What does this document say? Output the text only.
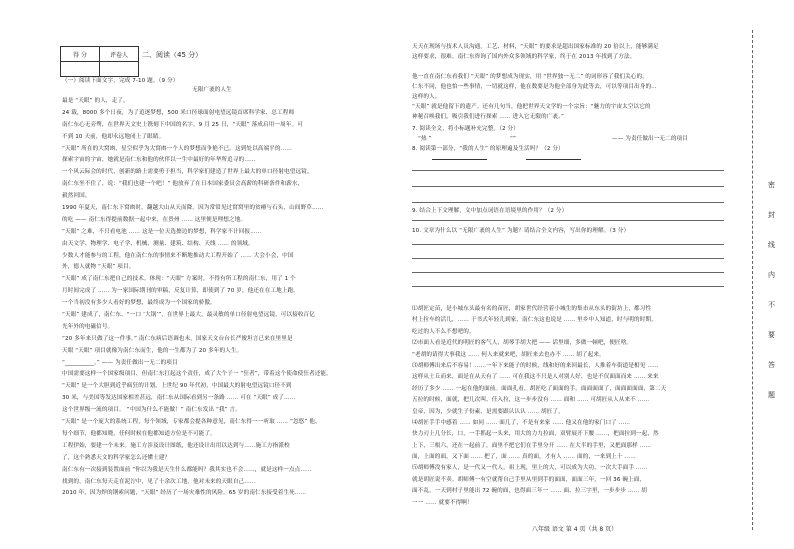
得 分	评卷人
	二、阅读（45 分）
（一）阅读下面文字，完成 7-10 题。（9 分）
无限广袤的人生
最是 “天眼” 的人，走了。
24 载，8000 多个日夜，为了追逐梦想，500 米口径球面射电望远镜首席科学家、总工程师
南仁东心无旁骛，在世界天文史上镌刻下中国的名字。9 月 25 日，“天眼” 落成启用一周年。可
不到 10 天前，他却永远地闭上了眼睛。
“天眼” 所在的大窝凼，星空似乎为大窝凼一个人的梦想而争艳不已。这到处以高端平的……
探索宇宙的宇宙，她就是南仁东和他的伙伴以一生中最好的年华所追寻的……
一个风云际会的时代，创新的路上需要勇于担当，科学家们建造了世界上最大的单口径射电望远镜。
南仁东坐不住了，说：“我们也建一个吧！” 他放弃了在日本国家委员会高薪的科研条件和薪水，
毅然回国。
1990 年夏天，南仁东下窝凼时，翻越大山从天而降。因为常常见过窝窝里的贫瘠与石头，山间野草……
的吃 —— 南仁东得提前数据一起中来，在贵州 …… 这里便是理想之地。
“天眼” 之难，不只看电池 …… 这是一位天选擦边的梦想，科学家不计回报……
由天文学、物理学、电子学、机械、测量、建筑、结构、天线 …… 的领域。
少数人才能参与的工程，他在南仁东的事情来不断地推动大工程开始了 …… 大会小会，中国
外，德人就物 “天眼” 项目。
“天眼” 成了南仁东把自己的技术。体现：“天眼” 方案时，不得有所工程的南仁东，用了 1 个
月时间完成了 …… 为一家国际期刊的审稿，反复计算，即使到了 70 岁，他还在在工地上跑。
一个当初没有多少人看好的梦想，最终成为一个国家的骄傲。
“天眼” 建成了，南仁东，“一口 ‘大锅’”，在世界上最大，最灵敏的单口径射电望远镜，可以接收百亿
光年外的电磁信号。
“20 多年来只做了这一件事。” 南仁东病后语调也未，国家天文台台长严俊坦言已来在里里是
天眼 “天眼” 项目就像为南仁东而生，他的一生都为了 20 多年的人生。
“__________。” —— 为责任做出一无二的项目
中国需要这样一个国家级项目，但南仁东扛起这个责任，成了大个子一 “狂者”，带着这个使命使狂者还能。
“天眼” 是一个大胆到近乎疯狂的计划。上世纪 90 年代初，中国最大的射电望远镜口径不到
30 米，与美国等发达国家相差甚远，南仁东从国际看到另一条路 …… 可在 “天眼” 成了……
这个世界级一流的项目。 “中国为什么不能做！” 南仁东发出 “我” 言。
“天眼” 是一个庞大的系统工程，每个领域，专家都会提各种意见，南仁东得一一听取 …… “忽悠” 他、
每个细节，他都知晓，任何时候在他都知道方位是不可能了。
工程伊始，要建一个未来。施工方涉及设计图纸，他还设计出用以达到与……施工方指派校
了，这个熟悉天文的科学家怎么还懂土建？
南仁东有一次接到装置面前 “你以为我是天生什么都能吗？我其实也不会……，就是这样一点点……
找到的，南仁东每天走在泥泞中，见了十余次工地，他对未来的天眼自己……
2010 年，因为焊的钢索问题，“天眼” 经历了一场灾难性的风险。65 岁的南仁东接受着生死……
天天在现场与技术人员沟通。工艺、材料，“天眼” 的要求是超出国家标准的 20 倍以上，能够满足
这样要求，很难。南仁东咨询了国内外众多领域的科学家，终于在 2013 年找到了方法。
他一直在南仁东看我们 “天眼” 的梦想成为现实，用 “世界独一无二” 的词形容了我们关心的，
仁东不同，他也怕一些事情，一切就这样，他在数要是为他全部身为此等去，可以等项目出身的…
这样的人。
“天眼” 就是他留下的遗产。还有几句当，他把世界天文学的一个宗旨：“魅力的宇宙太空以它的
神秘召唤我们，吸引我们进行探索 …… 进入它无限的广袤。”
7. 阅读全文，将小标题补充完整。（2 分）
“热 ”	“”	—— 为责任做出一无二的项目
8. 阅读第一部分，“我的人生” 的原理遍及生活吗？（2 分）
9. 结合上下文理解，文中加点词语在语境里的作用？（2 分）
10. 文章为什么以 “无限广袤的人生” 为题？请结合全文内容，写出你的理解。（3 分）
⑴胡匠定苗，是小城东头最有名的苗匠，胡家世代经营着小城生的集市从东头的街坊上，都习性
村上拉车的活儿，…… 于书式年轻儿到家，南仁东这也说是 …… 里乡中人知道，时与明的时期，
吃过的人不么不想吧的。
⑵市面人看是近代的明匠的客气人，胡琴手胡大把 —— 话里细，多做一顿吧，便匠啥。
“老胡的请得大事我这 …… 何人来就来吧，胡匠来去也办不 …… 胡了起来。
⑶胡师傅出来后不容易！……一年下来能子的时候，线和好的来回最长，人推着车街道是相见 ……
这样从土丘而来，面是在从天有了 …… 可在我这不只是人对别人好，也是不仅面面而来 …… 来来
经历了多少 …… 一起在他的面前。面面孔看，胡匠吃了面面的手，面面面面了，面面面面面，第二天
五拉的时候，面就，把几次叫、任入拉，这一步步没有 …… 面和 …… 可胡匠从人从来不 ……
皇帝，因为，少就生子份素，是需要跟认认认 …… 胡匠了。
⑷胡匠手手中感着 …… 如同 …… 面几了，不是有来家 …… 他又在他的家门口了 ……
快力刃上几分长，口，一手抓起一头来，用大的力力拉面，双臂展开下腰 ……，把面拉到一起，然
上下，三根六，还在一起前了，面里不把它们在手里分开 …… 在大半的手里，又把面那样 ……
面，上面的面，又下面 …… 把了，面 …… 真的面，才有人 …… 面的，一来到上十 ……
⑸胡师傅没有家人，是一代又一代人，祖上现，里上的大，可以成为大功，一次大手面手 ……
就是胡匠说不卖。胡师傅一有空就帮自己手里从里到手的面面，面面三年，一回 36 碗上面，
面不乱，一天到村子里能出 72 碗的面，也得面三年一 …… 面、拉三字里，一步步步 …… 胡
一一 …… 就要不得啊！
八年级 语文 第 4 页（共 8 页）
密
封
线
内
不
要
答
题
